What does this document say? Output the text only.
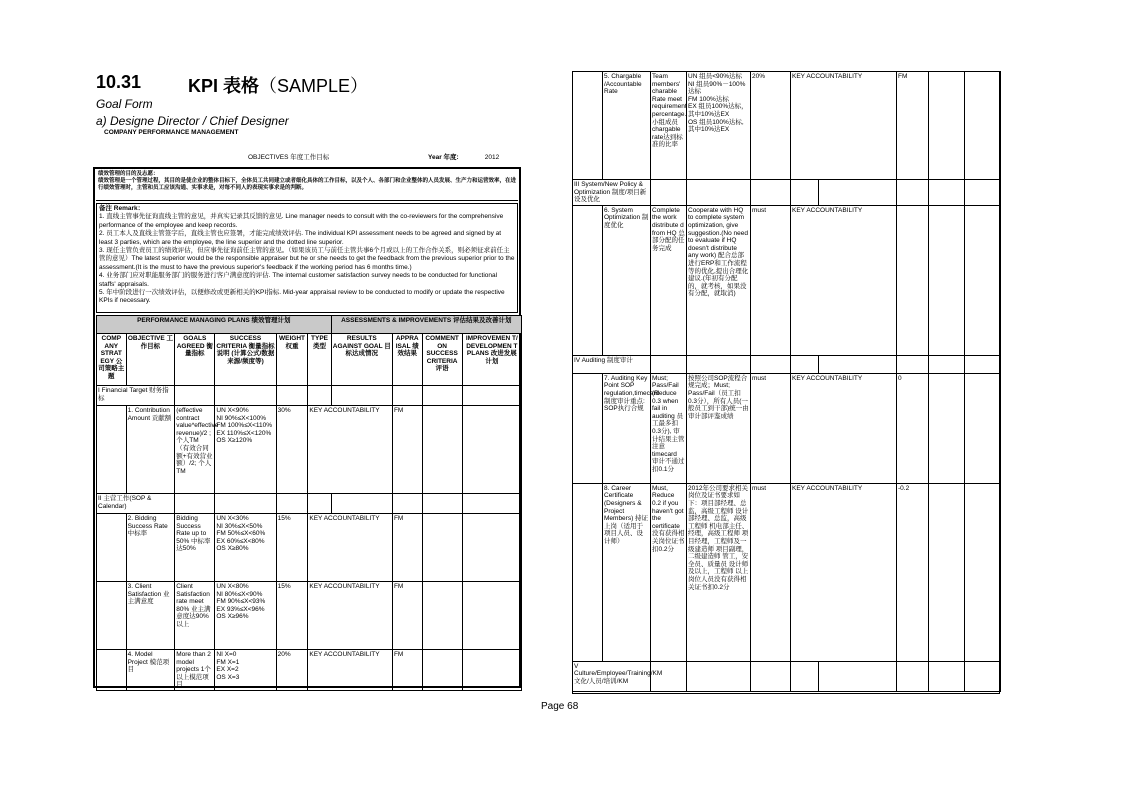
10.31	KPI 表格（SAMPLE）
Goal Form
a) Designe Director / Chief Designer
COMPANY PERFORMANCE MANAGEMENT
OBJECTIVES 年度工作目标	Year 年度:	2012
绩效管理的目的及志愿：
绩效管理是一个管理过程，其目的是使企业的整体目标下，全体员工共同建立或者细化具体的工作目标，以及个人、各部门和企业整体的人员发展、生产力和运营效率，在进行绩效管理时，主管和员工应该沟通、实事求是，对每不同人的表现实事求是的判断。
备注 Remark：
1. 直线主管事先征询直线主管的意见，并真实记录其反馈的意见. Line manager needs to consult with the co-reviewers for the comprehensive performance of the employee and keep records.
2. 员工本人及直线主管签字后，直线主管也应签署，才能完成绩效评估. The individual KPI assessment needs to be agreed and signed by at least 3 parties, which are the employee, the line superior and the dotted line superior.
3. 现任主管负责员工的绩效评估，但应事先征询前任主管的意见。（如果该员工与前任主管共事6个月或以上的工作合作关系，则必须征求前任主管的意见）The latest superior would be the responsible appraiser but he or she needs to get the feedback from the previous superior prior to the assessment.(It is the must to have the previous superior's feedback if the working period has 6 months time.)
4. 业务部门应对职能服务部门的服务进行客户满意度的评估. The internal customer satisfaction survey needs to be conducted for functional staffs' appraisals.
5. 年中阶段进行一次绩效评估，以便修改或更新相关的KPI指标. Mid-year appraisal review to be conducted to modify or update the respective KPIs if necessary.
PERFORMANCE MANAGING PLANS 绩效管理计划						ASSESSMENTS & IMPROVEMENTS 评估结果及改善计划			
COMP ANY STRAT EGY 公司策略主题	OBJECTIVE 工作目标	GOALS AGREED 衡量指标	SUCCESS CRITERIA 衡量指标说明 (计算公式/数据来源/频度等)	WEIGHT 权重	TYPE 类型	RESULTS AGAINST GOAL 目标达成情况	APPRA ISAL 绩效结果	COMMENT ON SUCCESS CRITERIA 评语	IMPROVEMEN T/ DEVELOPMEN T PLANS 改进发展计划
I Financial Target 财务指标									
	1. Contribution Amount 贡献额	(effective contract value*effective revenue)/2 ; 个人TM （有效合同额+有效营业额）/2; 个人TM	UN X<90%
NI 90%≤X<100%
FM 100%≤X<110%
EX 110%≤X<120%
OS X≥120%	30%	KEY ACCOUNTABILITY		FM		
II 主营工作(SOP & Calendar)									
	2. Bidding Success Rate 中标率	Bidding Success Rate up to 50% 中标率达50%	UN X<30%
NI 30%≤X<50%
FM 50%≤X<60%
EX 60%≤X<80%
OS X≥80%	15%	KEY ACCOUNTABILITY		FM		
	3. Client Satisfaction 业主满意度	Client Satisfaction rate meet 80% 业主满意度达90%以上	UN X<80%
NI 80%≤X<90%
FM 90%≤X<93%
EX 93%≤X<96%
OS X≥96%	15%	KEY ACCOUNTABILITY		FM		
	4. Model Project 模范项目	More than 2 model projects 1个以上模范项目	NI X=0
FM X=1
EX X=2
OS X=3	20%	KEY ACCOUNTABILITY		FM		
	5. Chargable /Accountable Rate	Team members' charable Rate meet requirement percentage. 小组成员chargable rate达到标准的比率	UN 组员<90%达标
NI 组员90%－100%达标
FM 100%达标
EX 组员100%达标，其中10%达EX
OS 组员100%达标,其中10%达EX	20%	KEY ACCOUNTABILITY		FM		
III System/New Policy & Optimization 制度/项目新设及优化									
	6. System Optimization 制度优化	Complete the work distribute d from HQ 总部分配的任务完成	Cooperate with HQ to complete system optimization, give suggestion.(No need to evaluate if HQ doesn't distribute any work) 配合总部进行ERP和工作流程等的优化,提出合理化建议.(年初有分配的，就考核，如果没有分配，就取消)	must	KEY ACCOUNTABILITY				
IV Auditing 制度审计									
	7. Auditing Key Point SOP regulation,timecard 制度审计重点: SOP执行合规	Must; Pass/Fail (Reduce 0.3 when fail in auditing 员工最多扣0.3分), 审计结果主管注意timecard 审计不通过扣0.1分	按照公司SOP流程合规完成；Must; Pass/Fail（员工扣0.3分），所有人员(一般员工到干部)统一由审计部评鉴成绩	must	KEY ACCOUNTABILITY		0		
	8. Career Certificate (Designers & Project Members) 持证上岗（适用于项目人员、设计师）	Must, Reduce 0.2 if you haven't got the certificate 没有获得相关岗位证书扣0.2分	2012年公司要求相关岗位及证书要求如下：项目部经理、总监，高级工程师 设计部经理、总监，高级工程师 机电部主任、经理，高级工程师 项目经理，工程师及一级建造师 项目副理，二级建造师 管工，安全员、质量员 设计师及以上，工程师 以上岗位人员没有获得相关证书扣0.2分	must	KEY ACCOUNTABILITY		-0.2		
V Culture/Employee/Training/KM 文化/人员/培训/KM									
Page 68
